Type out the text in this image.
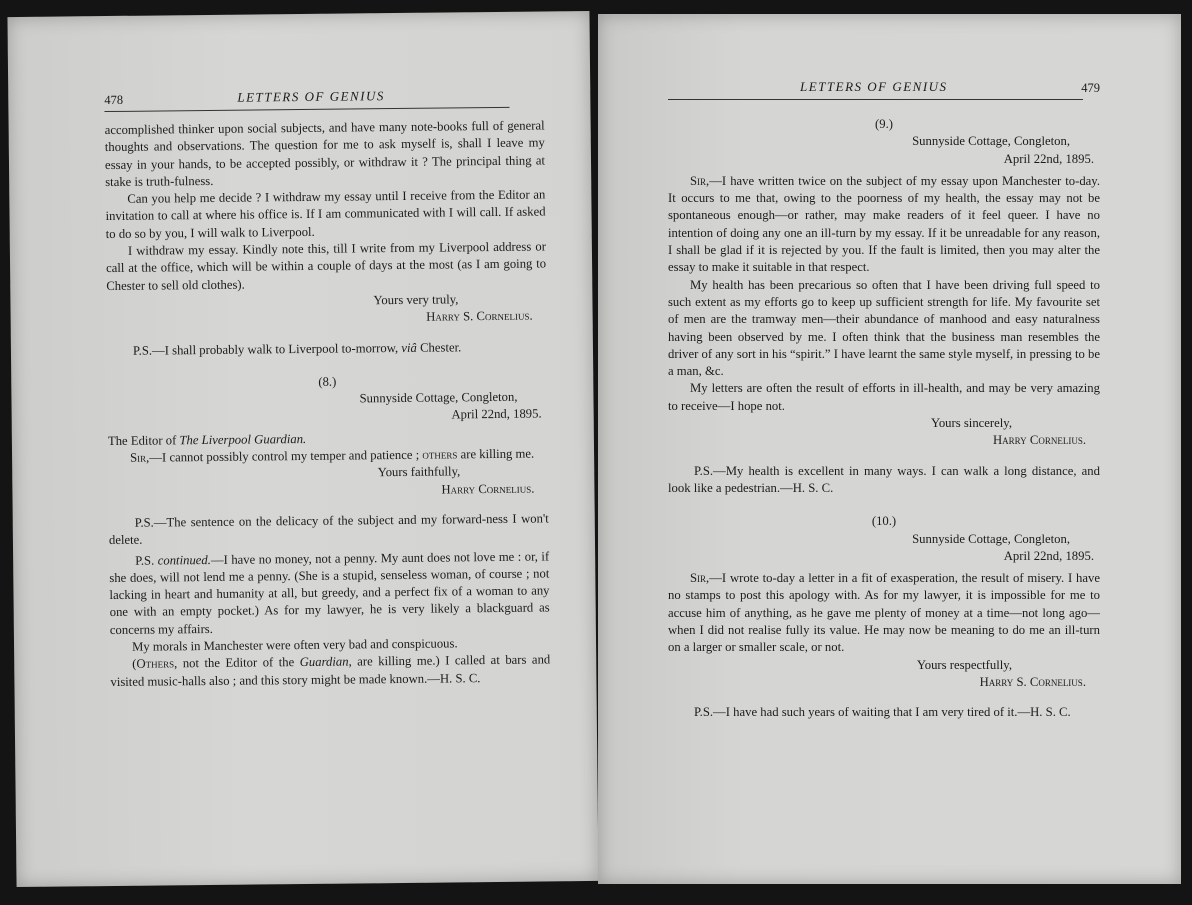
478	LETTERS OF GENIUS

accomplished thinker upon social subjects, and have many note-books full of general thoughts and observations. The question for me to ask myself is, shall I leave my essay in your hands, to be accepted possibly, or withdraw it ? The principal thing at stake is truth-fulness.

Can you help me decide ? I withdraw my essay until I receive from the Editor an invitation to call at where his office is. If I am communicated with I will call. If asked to do so by you, I will walk to Liverpool.

I withdraw my essay. Kindly note this, till I write from my Liverpool address or call at the office, which will be within a couple of days at the most (as I am going to Chester to sell old clothes).

Yours very truly,

Harry S. Cornelius.

P.S.—I shall probably walk to Liverpool to-morrow, viâ Chester.

(8.)

Sunnyside Cottage, Congleton,

April 22nd, 1895.

The Editor of The Liverpool Guardian.

Sir,—I cannot possibly control my temper and patience ; others are killing me.

Yours faithfully,

Harry Cornelius.

P.S.—The sentence on the delicacy of the subject and my forward-ness I won't delete.

P.S. continued.—I have no money, not a penny. My aunt does not love me : or, if she does, will not lend me a penny. (She is a stupid, senseless woman, of course ; not lacking in heart and humanity at all, but greedy, and a perfect fix of a woman to any one with an empty pocket.) As for my lawyer, he is very likely a blackguard as concerns my affairs.

My morals in Manchester were often very bad and conspicuous.

(Others, not the Editor of the Guardian, are killing me.) I called at bars and visited music-halls also ; and this story might be made known.—H. S. C.

LETTERS OF GENIUS	479

(9.)

Sunnyside Cottage, Congleton,

April 22nd, 1895.

Sir,—I have written twice on the subject of my essay upon Manchester to-day. It occurs to me that, owing to the poorness of my health, the essay may not be spontaneous enough—or rather, may make readers of it feel queer. I have no intention of doing any one an ill-turn by my essay. If it be unreadable for any reason, I shall be glad if it is rejected by you. If the fault is limited, then you may alter the essay to make it suitable in that respect.

My health has been precarious so often that I have been driving full speed to such extent as my efforts go to keep up sufficient strength for life. My favourite set of men are the tramway men—their abundance of manhood and easy naturalness having been observed by me. I often think that the business man resembles the driver of any sort in his “spirit.” I have learnt the same style myself, in pressing to be a man, &c.

My letters are often the result of efforts in ill-health, and may be very amazing to receive—I hope not.

Yours sincerely,

Harry Cornelius.

P.S.—My health is excellent in many ways. I can walk a long distance, and look like a pedestrian.—H. S. C.

(10.)

Sunnyside Cottage, Congleton,

April 22nd, 1895.

Sir,—I wrote to-day a letter in a fit of exasperation, the result of misery. I have no stamps to post this apology with. As for my lawyer, it is impossible for me to accuse him of anything, as he gave me plenty of money at a time—not long ago—when I did not realise fully its value. He may now be meaning to do me an ill-turn on a larger or smaller scale, or not.

Yours respectfully,

Harry S. Cornelius.

P.S.—I have had such years of waiting that I am very tired of it.—H. S. C.
